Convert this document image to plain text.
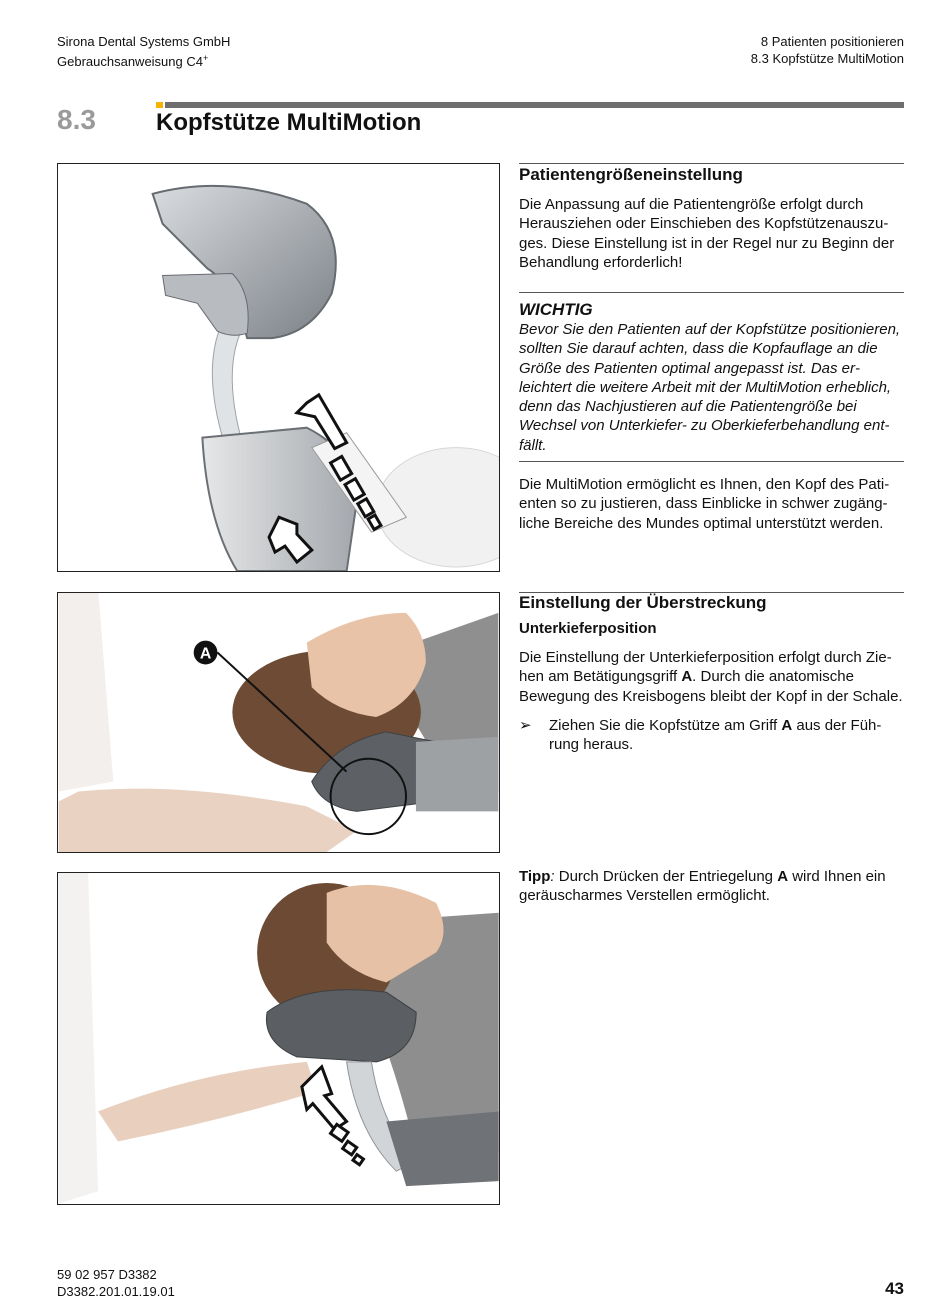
Sirona Dental Systems GmbH
Gebrauchsanweisung C4+
8 Patienten positionieren
8.3 Kopfstütze MultiMotion
8.3	Kopfstütze MultiMotion
A
Patientengrößeneinstellung

Die Anpassung auf die Patientengröße erfolgt durch Herausziehen oder Einschieben des Kopfstützenauszuges. Diese Einstellung ist in der Regel nur zu Beginn der Behandlung erforderlich!

WICHTIG

Bevor Sie den Patienten auf der Kopfstütze positionieren, sollten Sie darauf achten, dass die Kopfauflage an die Größe des Patienten optimal angepasst ist. Das erleichtert die weitere Arbeit mit der MultiMotion erheblich, denn das Nachjustieren auf die Patientengröße bei Wechsel von Unterkiefer- zu Oberkieferbehandlung entfällt.

Die MultiMotion ermöglicht es Ihnen, den Kopf des Patienten so zu justieren, dass Einblicke in schwer zugängliche Bereiche des Mundes optimal unterstützt werden.

Einstellung der Überstreckung
Unterkieferposition

Die Einstellung der Unterkieferposition erfolgt durch Ziehen am Betätigungsgriff A. Durch die anatomische Bewegung des Kreisbogens bleibt der Kopf in der Schale.

➢ Ziehen Sie die Kopfstütze am Griff A aus der Führung heraus.

Tipp: Durch Drücken der Entriegelung A wird Ihnen ein geräuscharmes Verstellen ermöglicht.

59 02 957 D3382
D3382.201.01.19.01	43
